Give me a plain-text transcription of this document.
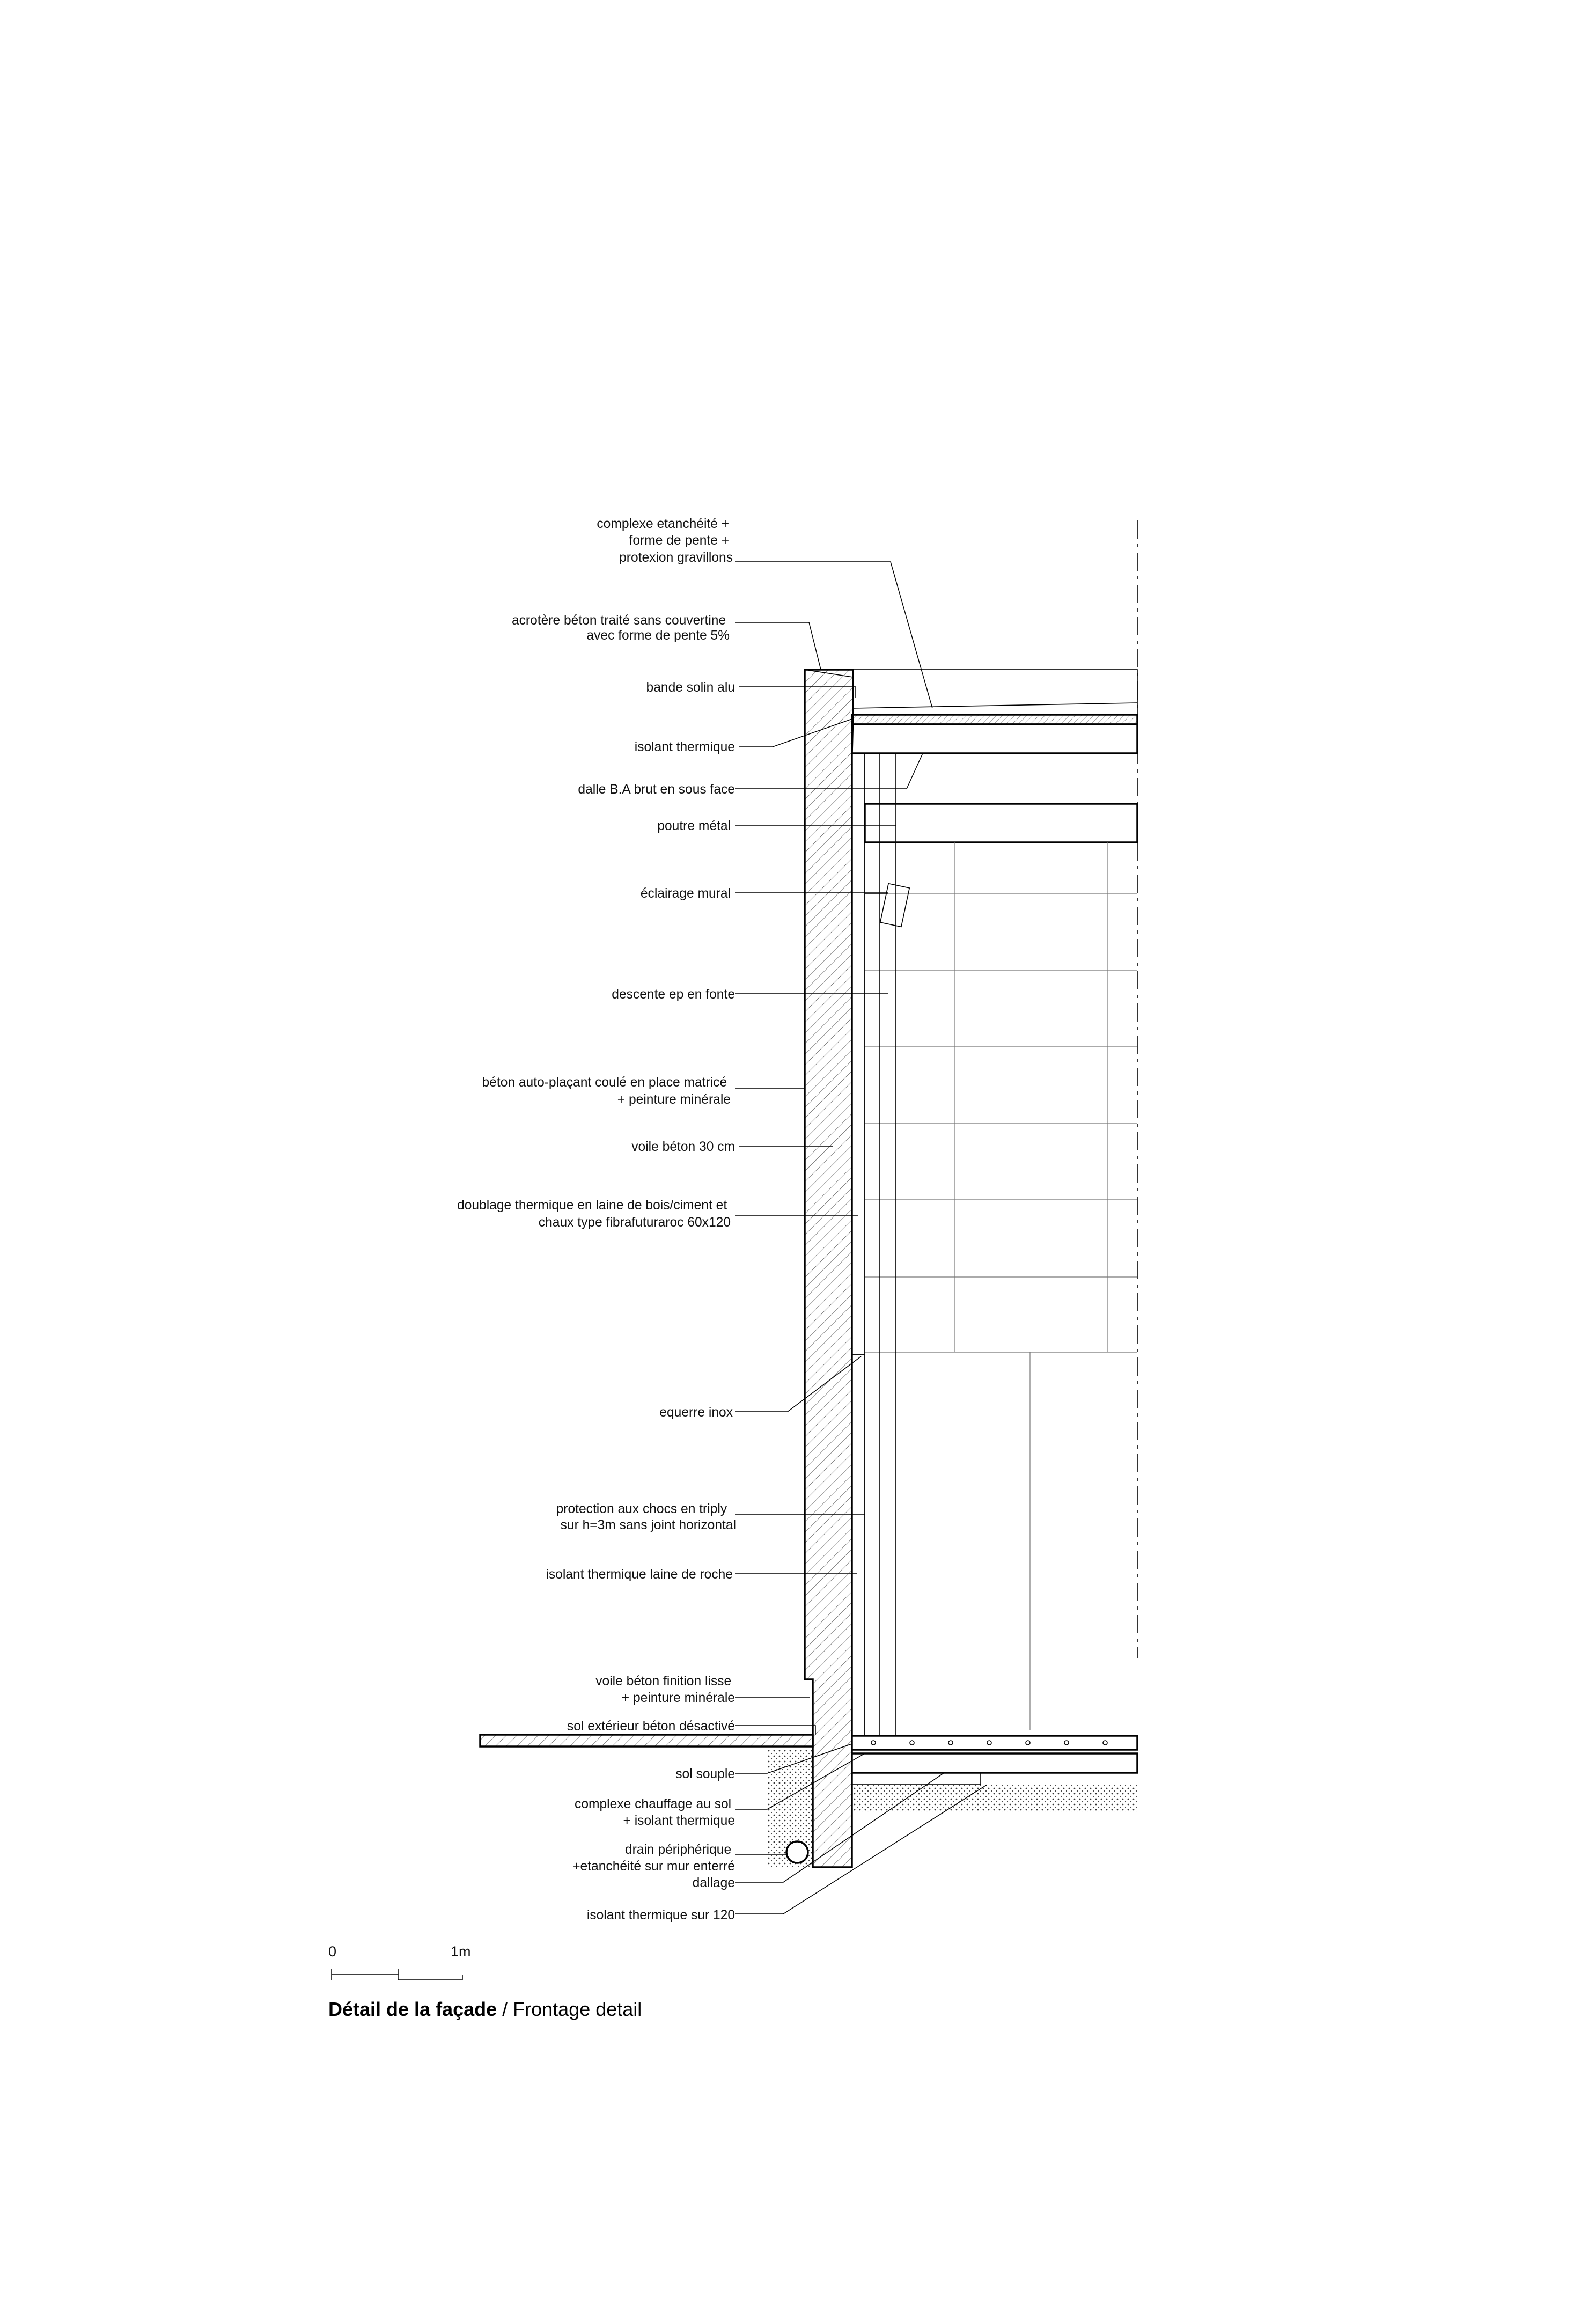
complexe etanchéité + forme de pente + protexion gravillons
acrotère béton traité sans couvertine avec forme de pente 5%
bande solin alu
isolant thermique
dalle B.A brut en sous face
poutre métal
éclairage mural
descente ep en fonte
béton auto-plaçant coulé en place matricé + peinture minérale
voile béton 30 cm
doublage thermique en laine de bois/ciment et chaux type fibrafuturaroc 60x120
equerre inox
protection aux chocs en triply sur h=3m sans joint horizontal
isolant thermique laine de roche
voile béton finition lisse + peinture minérale
sol extérieur béton désactivé
sol souple
complexe chauffage au sol + isolant thermique
drain périphérique +etanchéité sur mur enterré
dallage
isolant thermique sur 120
0	1m
Détail de la façade / Frontage detail
